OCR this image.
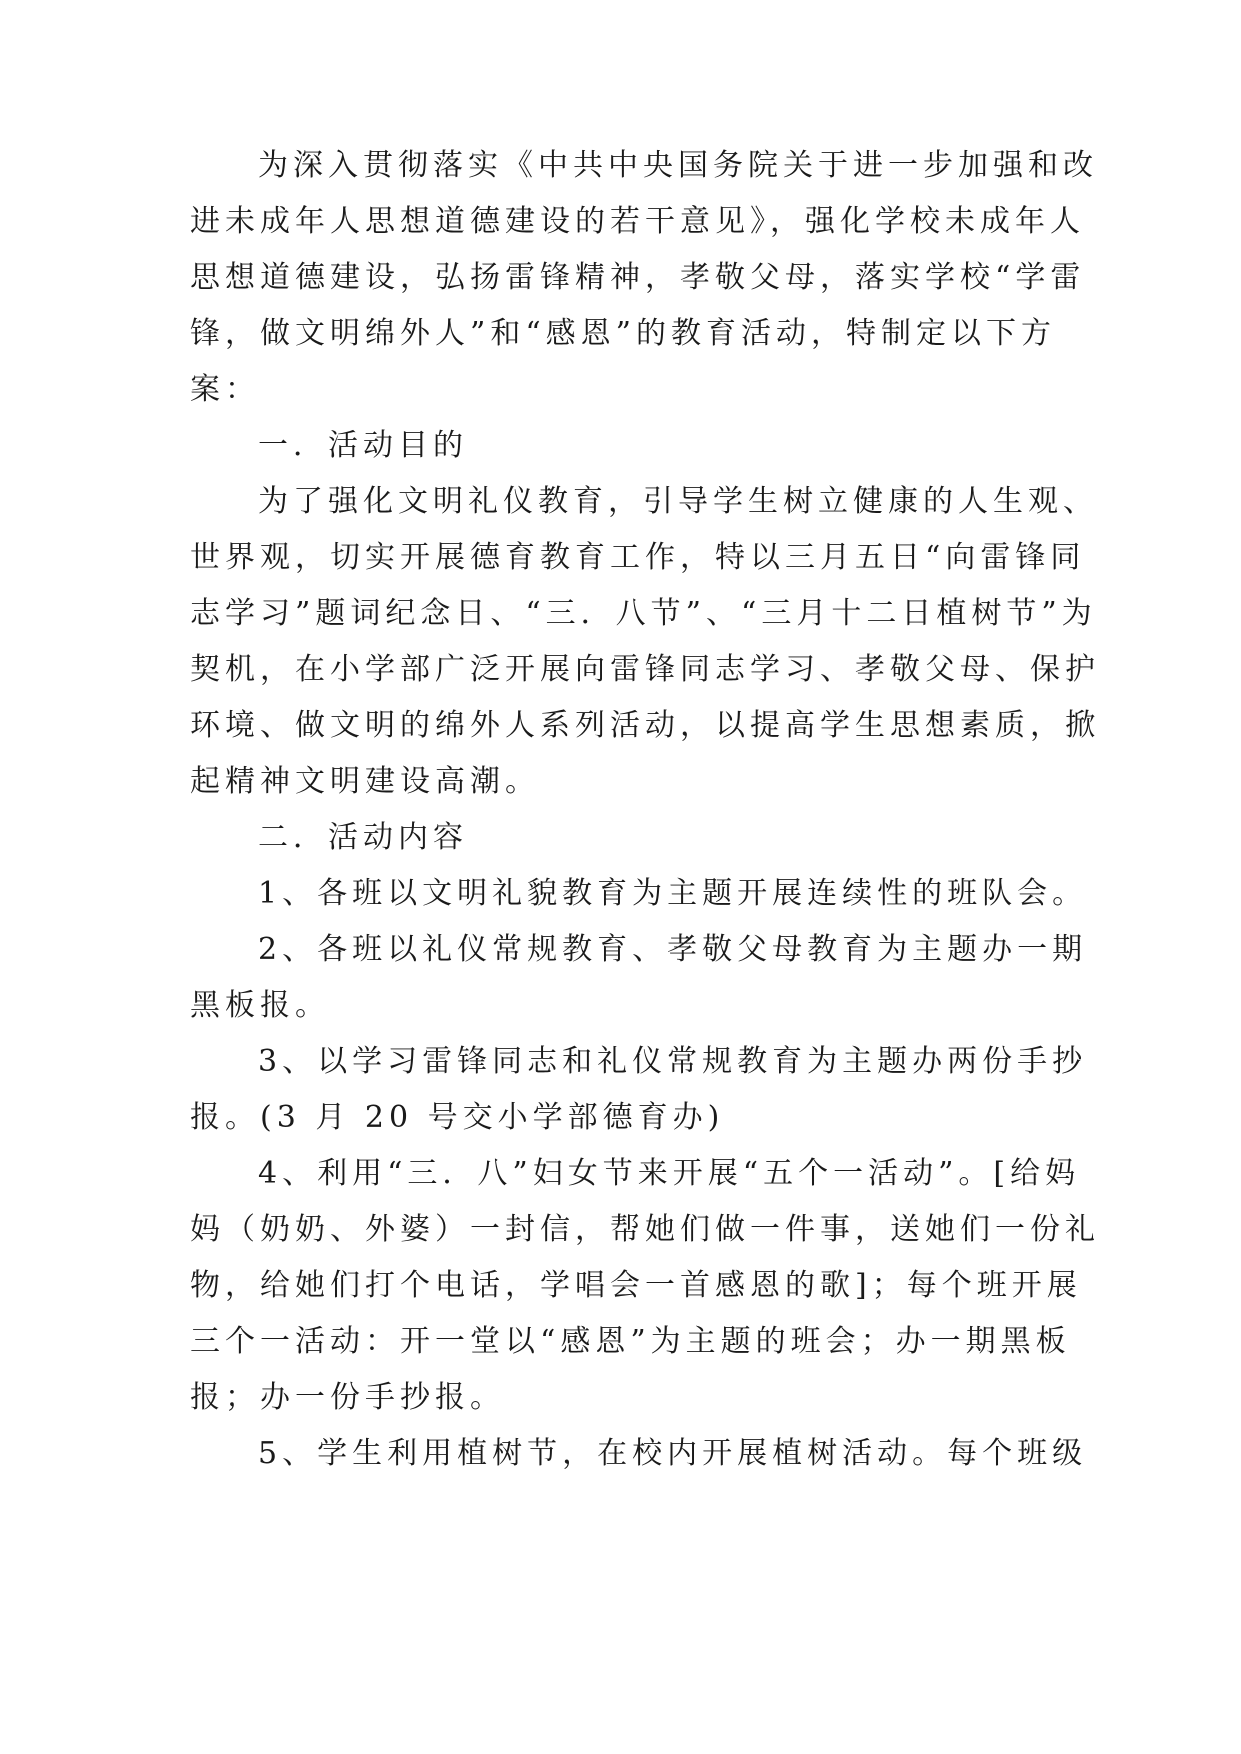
为深入贯彻落实《中共中央国务院关于进一步加强和改
进未成年人思想道德建设的若干意见》，强化学校未成年人
思想道德建设，弘扬雷锋精神，孝敬父母，落实学校“学雷
锋，做文明绵外人”和“感恩”的教育活动，特制定以下方
案：
一．活动目的
为了强化文明礼仪教育，引导学生树立健康的人生观、
世界观，切实开展德育教育工作，特以三月五日“向雷锋同
志学习”题词纪念日、“三．八节”、“三月十二日植树节”为
契机，在小学部广泛开展向雷锋同志学习、孝敬父母、保护
环境、做文明的绵外人系列活动，以提高学生思想素质，掀
起精神文明建设高潮。
二．活动内容
1、各班以文明礼貌教育为主题开展连续性的班队会。
2、各班以礼仪常规教育、孝敬父母教育为主题办一期
黑板报。
3、以学习雷锋同志和礼仪常规教育为主题办两份手抄
报。(3 月 20 号交小学部德育办)
4、利用“三．八”妇女节来开展“五个一活动”。[给妈
妈（奶奶、外婆）一封信，帮她们做一件事，送她们一份礼
物，给她们打个电话，学唱会一首感恩的歌]；每个班开展
三个一活动：开一堂以“感恩”为主题的班会；办一期黑板
报；办一份手抄报。
5、学生利用植树节，在校内开展植树活动。每个班级
